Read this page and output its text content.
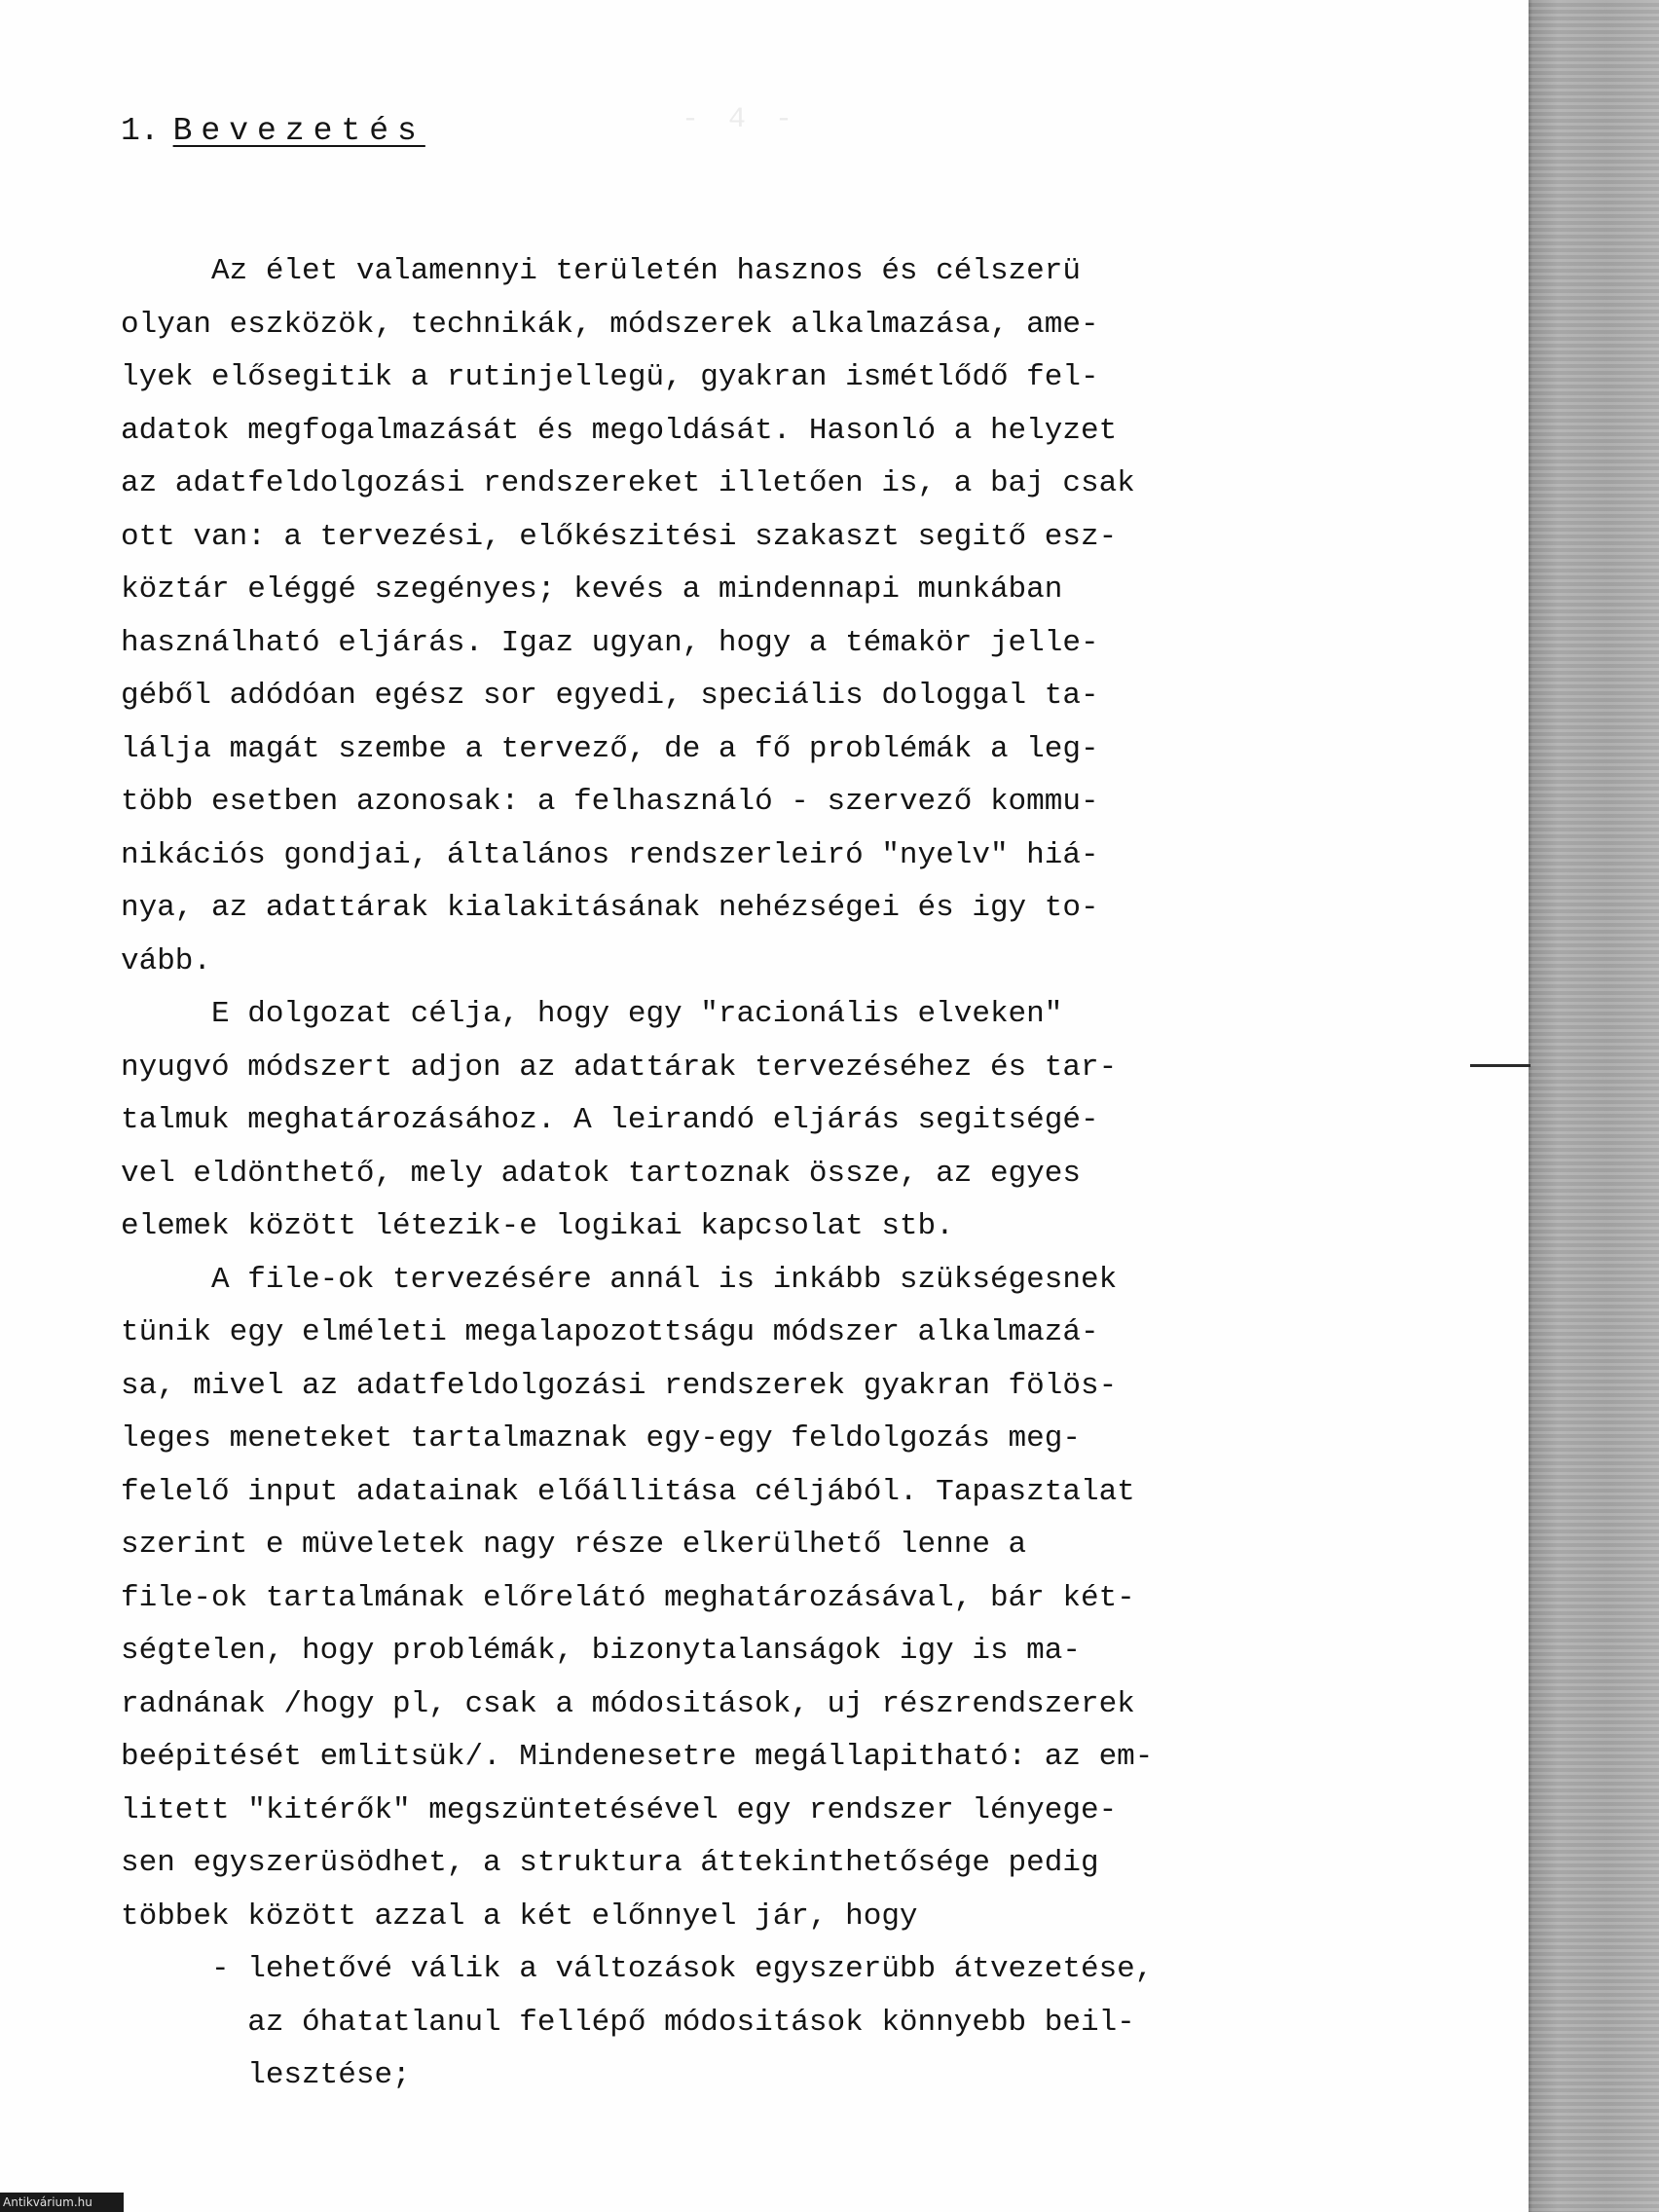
- 4 -
1. Bevezetés
Az élet valamennyi területén hasznos és célszerü
olyan eszközök, technikák, módszerek alkalmazása, ame-
lyek elősegitik a rutinjellegü, gyakran ismétlődő fel-
adatok megfogalmazását és megoldását. Hasonló a helyzet
az adatfeldolgozási rendszereket illetően is, a baj csak
ott van: a tervezési, előkészitési szakaszt segitő esz-
köztár eléggé szegényes; kevés a mindennapi munkában
használható eljárás. Igaz ugyan, hogy a témakör jelle-
géből adódóan egész sor egyedi, speciális dologgal ta-
lálja magát szembe a tervező, de a fő problémák a leg-
több esetben azonosak: a felhasználó - szervező kommu-
nikációs gondjai, általános rendszerleiró "nyelv" hiá-
nya, az adattárak kialakitásának nehézségei és igy to-
vább.
E dolgozat célja, hogy egy "racionális elveken"
nyugvó módszert adjon az adattárak tervezéséhez és tar-
talmuk meghatározásához. A leirandó eljárás segitségé-
vel eldönthető, mely adatok tartoznak össze, az egyes
elemek között létezik-e logikai kapcsolat stb.
A file-ok tervezésére annál is inkább szükségesnek
tünik egy elméleti megalapozottságu módszer alkalmazá-
sa, mivel az adatfeldolgozási rendszerek gyakran fölös-
leges meneteket tartalmaznak egy-egy feldolgozás meg-
felelő input adatainak előállitása céljából. Tapasztalat
szerint e müveletek nagy része elkerülhető lenne a
file-ok tartalmának előrelátó meghatározásával, bár két-
ségtelen, hogy problémák, bizonytalanságok igy is ma-
radnának /hogy pl, csak a módositások, uj részrendszerek
beépitését emlitsük/. Mindenesetre megállapitható: az em-
litett "kitérők" megszüntetésével egy rendszer lényege-
sen egyszerüsödhet, a struktura áttekinthetősége pedig
többek között azzal a két előnnyel jár, hogy
- lehetővé válik a változások egyszerübb átvezetése,
az óhatatlanul fellépő módositások könnyebb beil-
lesztése;
Antikvárium.hu
